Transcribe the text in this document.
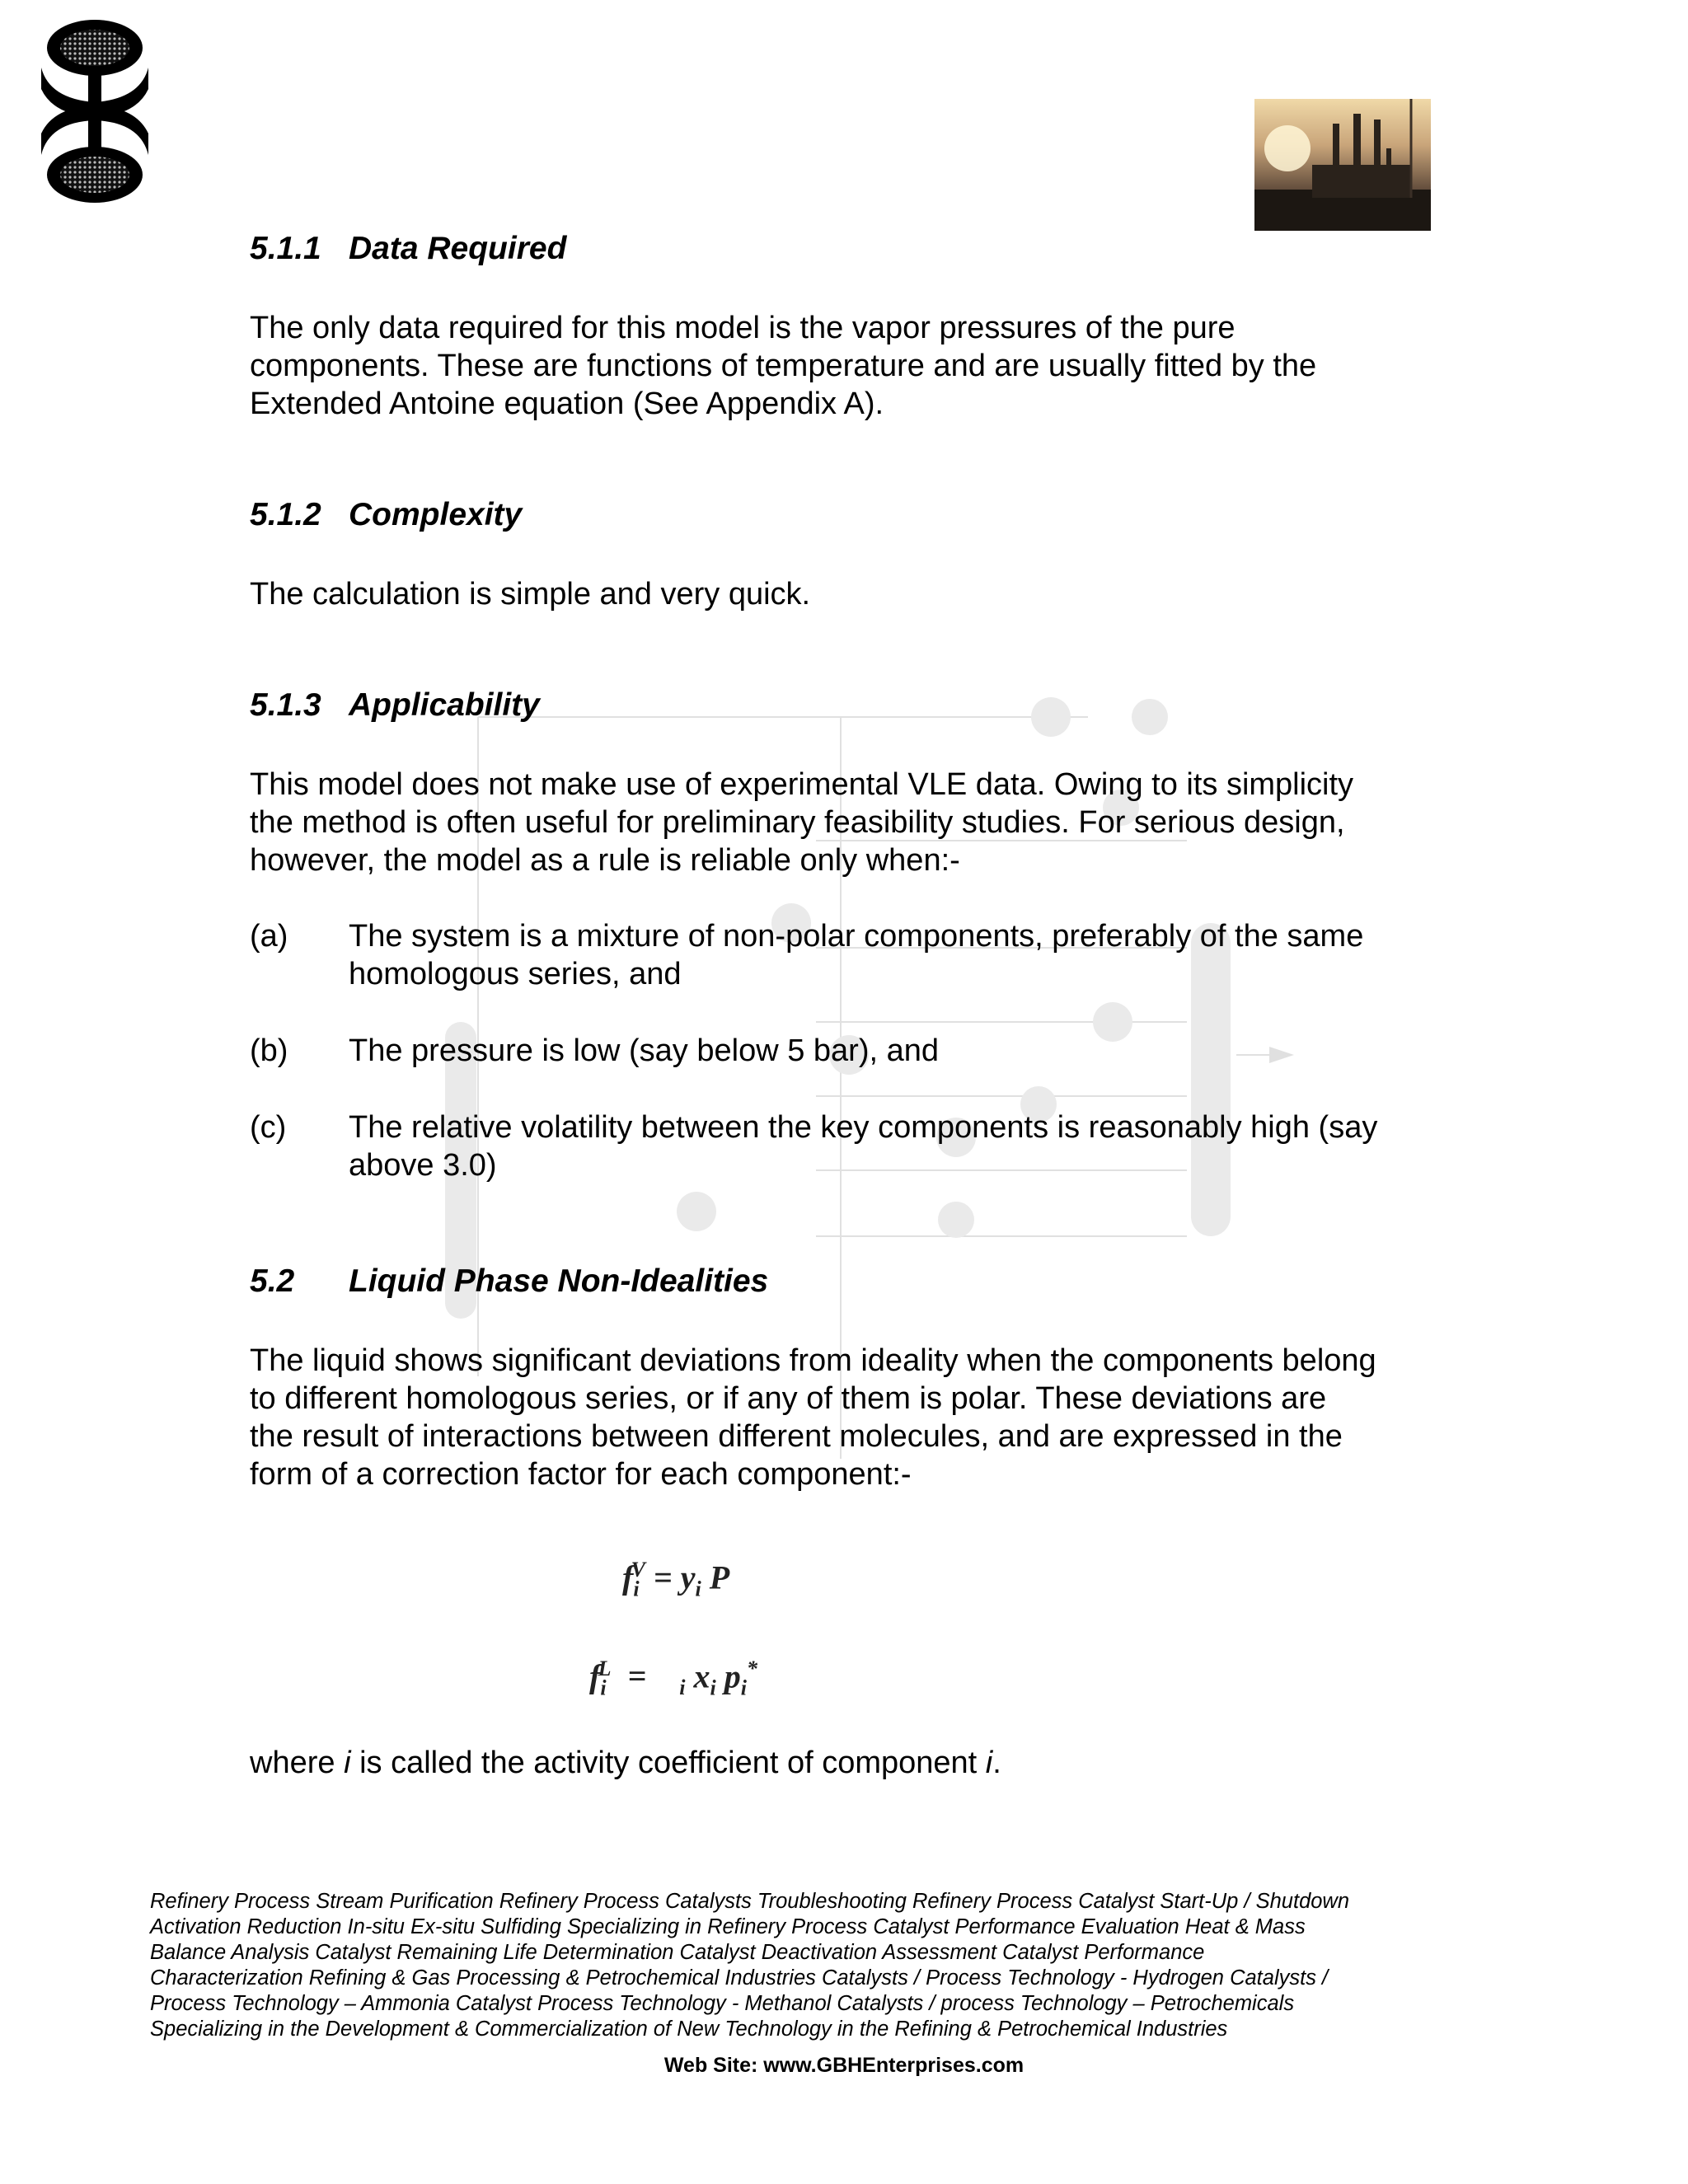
5.1.1 Data Required
The only data required for this model is the vapor pressures of the pure
components. These are functions of temperature and are usually fitted by the
Extended Antoine equation (See Appendix A).
5.1.2 Complexity
The calculation is simple and very quick.
5.1.3 Applicability
This model does not make use of experimental VLE data. Owing to its simplicity
the method is often useful for preliminary feasibility studies. For serious design,
however, the model as a rule is reliable only when:-
(a) The system is a mixture of non-polar components, preferably of the same
homologous series, and
(b) The pressure is low (say below 5 bar), and
(c) The relative volatility between the key components is reasonably high (say
above 3.0)
5.2 Liquid Phase Non-Idealities
The liquid shows significant deviations from ideality when the components belong
to different homologous series, or if any of them is polar. These deviations are
the result of interactions between different molecules, and are expressed in the
form of a correction factor for each component:-
$f_i^V = y_i$ P
$f_i^L = _i$ $x_i$ $p_i^*$
where i is called the activity coefficient of component i.
Refinery Process Stream Purification Refinery Process Catalysts Troubleshooting Refinery Process Catalyst Start-Up / Shutdown
Activation Reduction In-situ Ex-situ Sulfiding Specializing in Refinery Process Catalyst Performance Evaluation Heat & Mass
Balance Analysis Catalyst Remaining Life Determination Catalyst Deactivation Assessment Catalyst Performance
Characterization Refining & Gas Processing & Petrochemical Industries Catalysts / Process Technology - Hydrogen Catalysts /
Process Technology – Ammonia Catalyst Process Technology - Methanol Catalysts / process Technology – Petrochemicals
Specializing in the Development & Commercialization of New Technology in the Refining & Petrochemical Industries
Web Site: www.GBHEnterprises.com
